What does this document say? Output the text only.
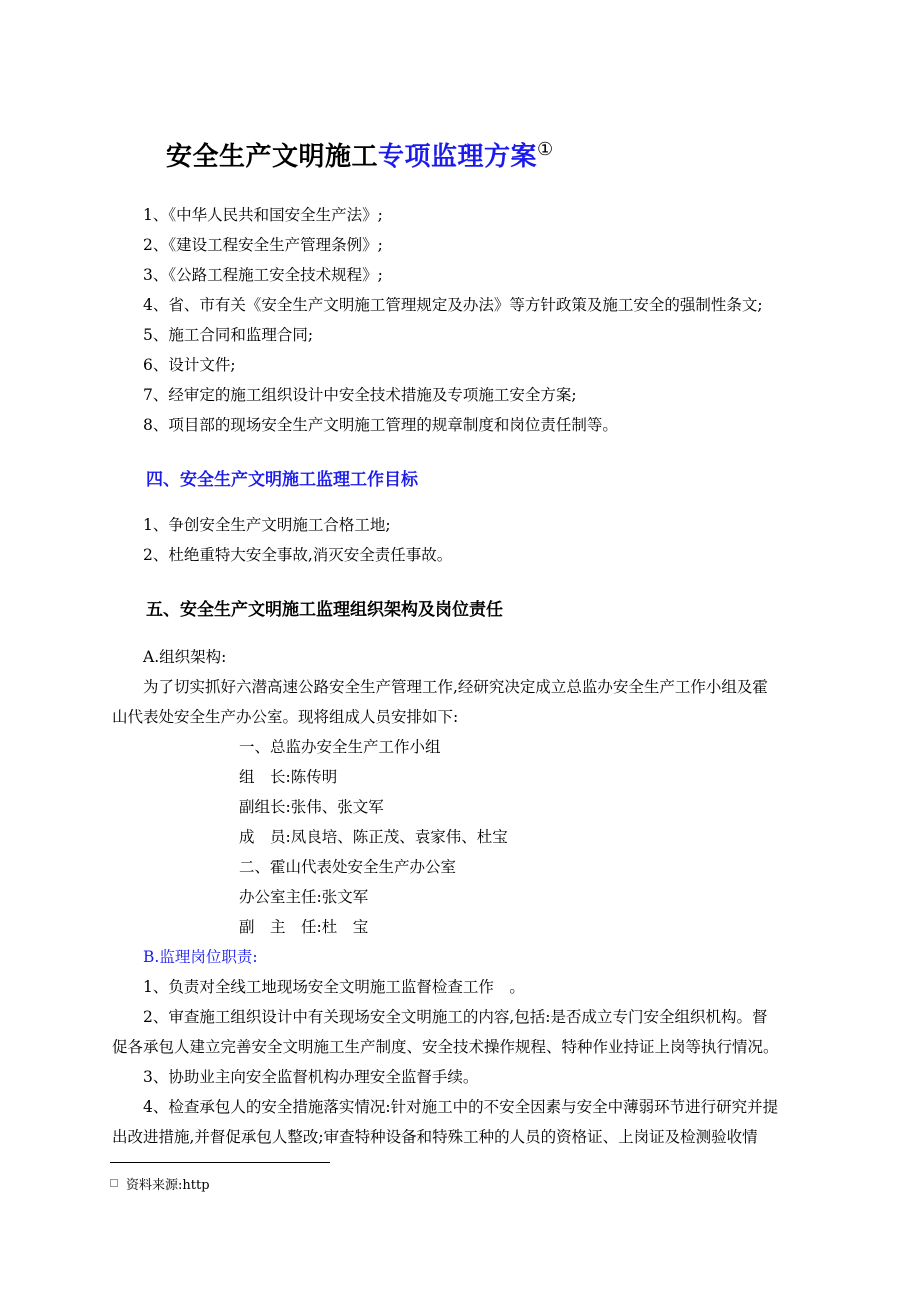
安全生产文明施工专项监理方案①
1、《中华人民共和国安全生产法》;
2、《建设工程安全生产管理条例》;
3、《公路工程施工安全技术规程》;
4、省、市有关《安全生产文明施工管理规定及办法》等方针政策及施工安全的强制性条文;
5、施工合同和监理合同;
6、设计文件;
7、经审定的施工组织设计中安全技术措施及专项施工安全方案;
8、项目部的现场安全生产文明施工管理的规章制度和岗位责任制等。
四、安全生产文明施工监理工作目标
1、争创安全生产文明施工合格工地;
2、杜绝重特大安全事故,消灭安全责任事故。
五、安全生产文明施工监理组织架构及岗位责任
A.组织架构:
为了切实抓好六潜高速公路安全生产管理工作,经研究决定成立总监办安全生产工作小组及霍
山代表处安全生产办公室。现将组成人员安排如下:
一、总监办安全生产工作小组
组　长:陈传明
副组长:张伟、张文军
成　员:凤良培、陈正茂、袁家伟、杜宝
二、霍山代表处安全生产办公室
办公室主任:张文军
副　主　任:杜　宝
B.监理岗位职责:
1、负责对全线工地现场安全文明施工监督检查工作　。
2、审查施工组织设计中有关现场安全文明施工的内容,包括:是否成立专门安全组织机构。督
促各承包人建立完善安全文明施工生产制度、安全技术操作规程、特种作业持证上岗等执行情况。
3、协助业主向安全监督机构办理安全监督手续。
4、检查承包人的安全措施落实情况:针对施工中的不安全因素与安全中薄弱环节进行研究并提
出改进措施,并督促承包人整改;审查特种设备和特殊工种的人员的资格证、上岗证及检测验收情
资料来源:http
